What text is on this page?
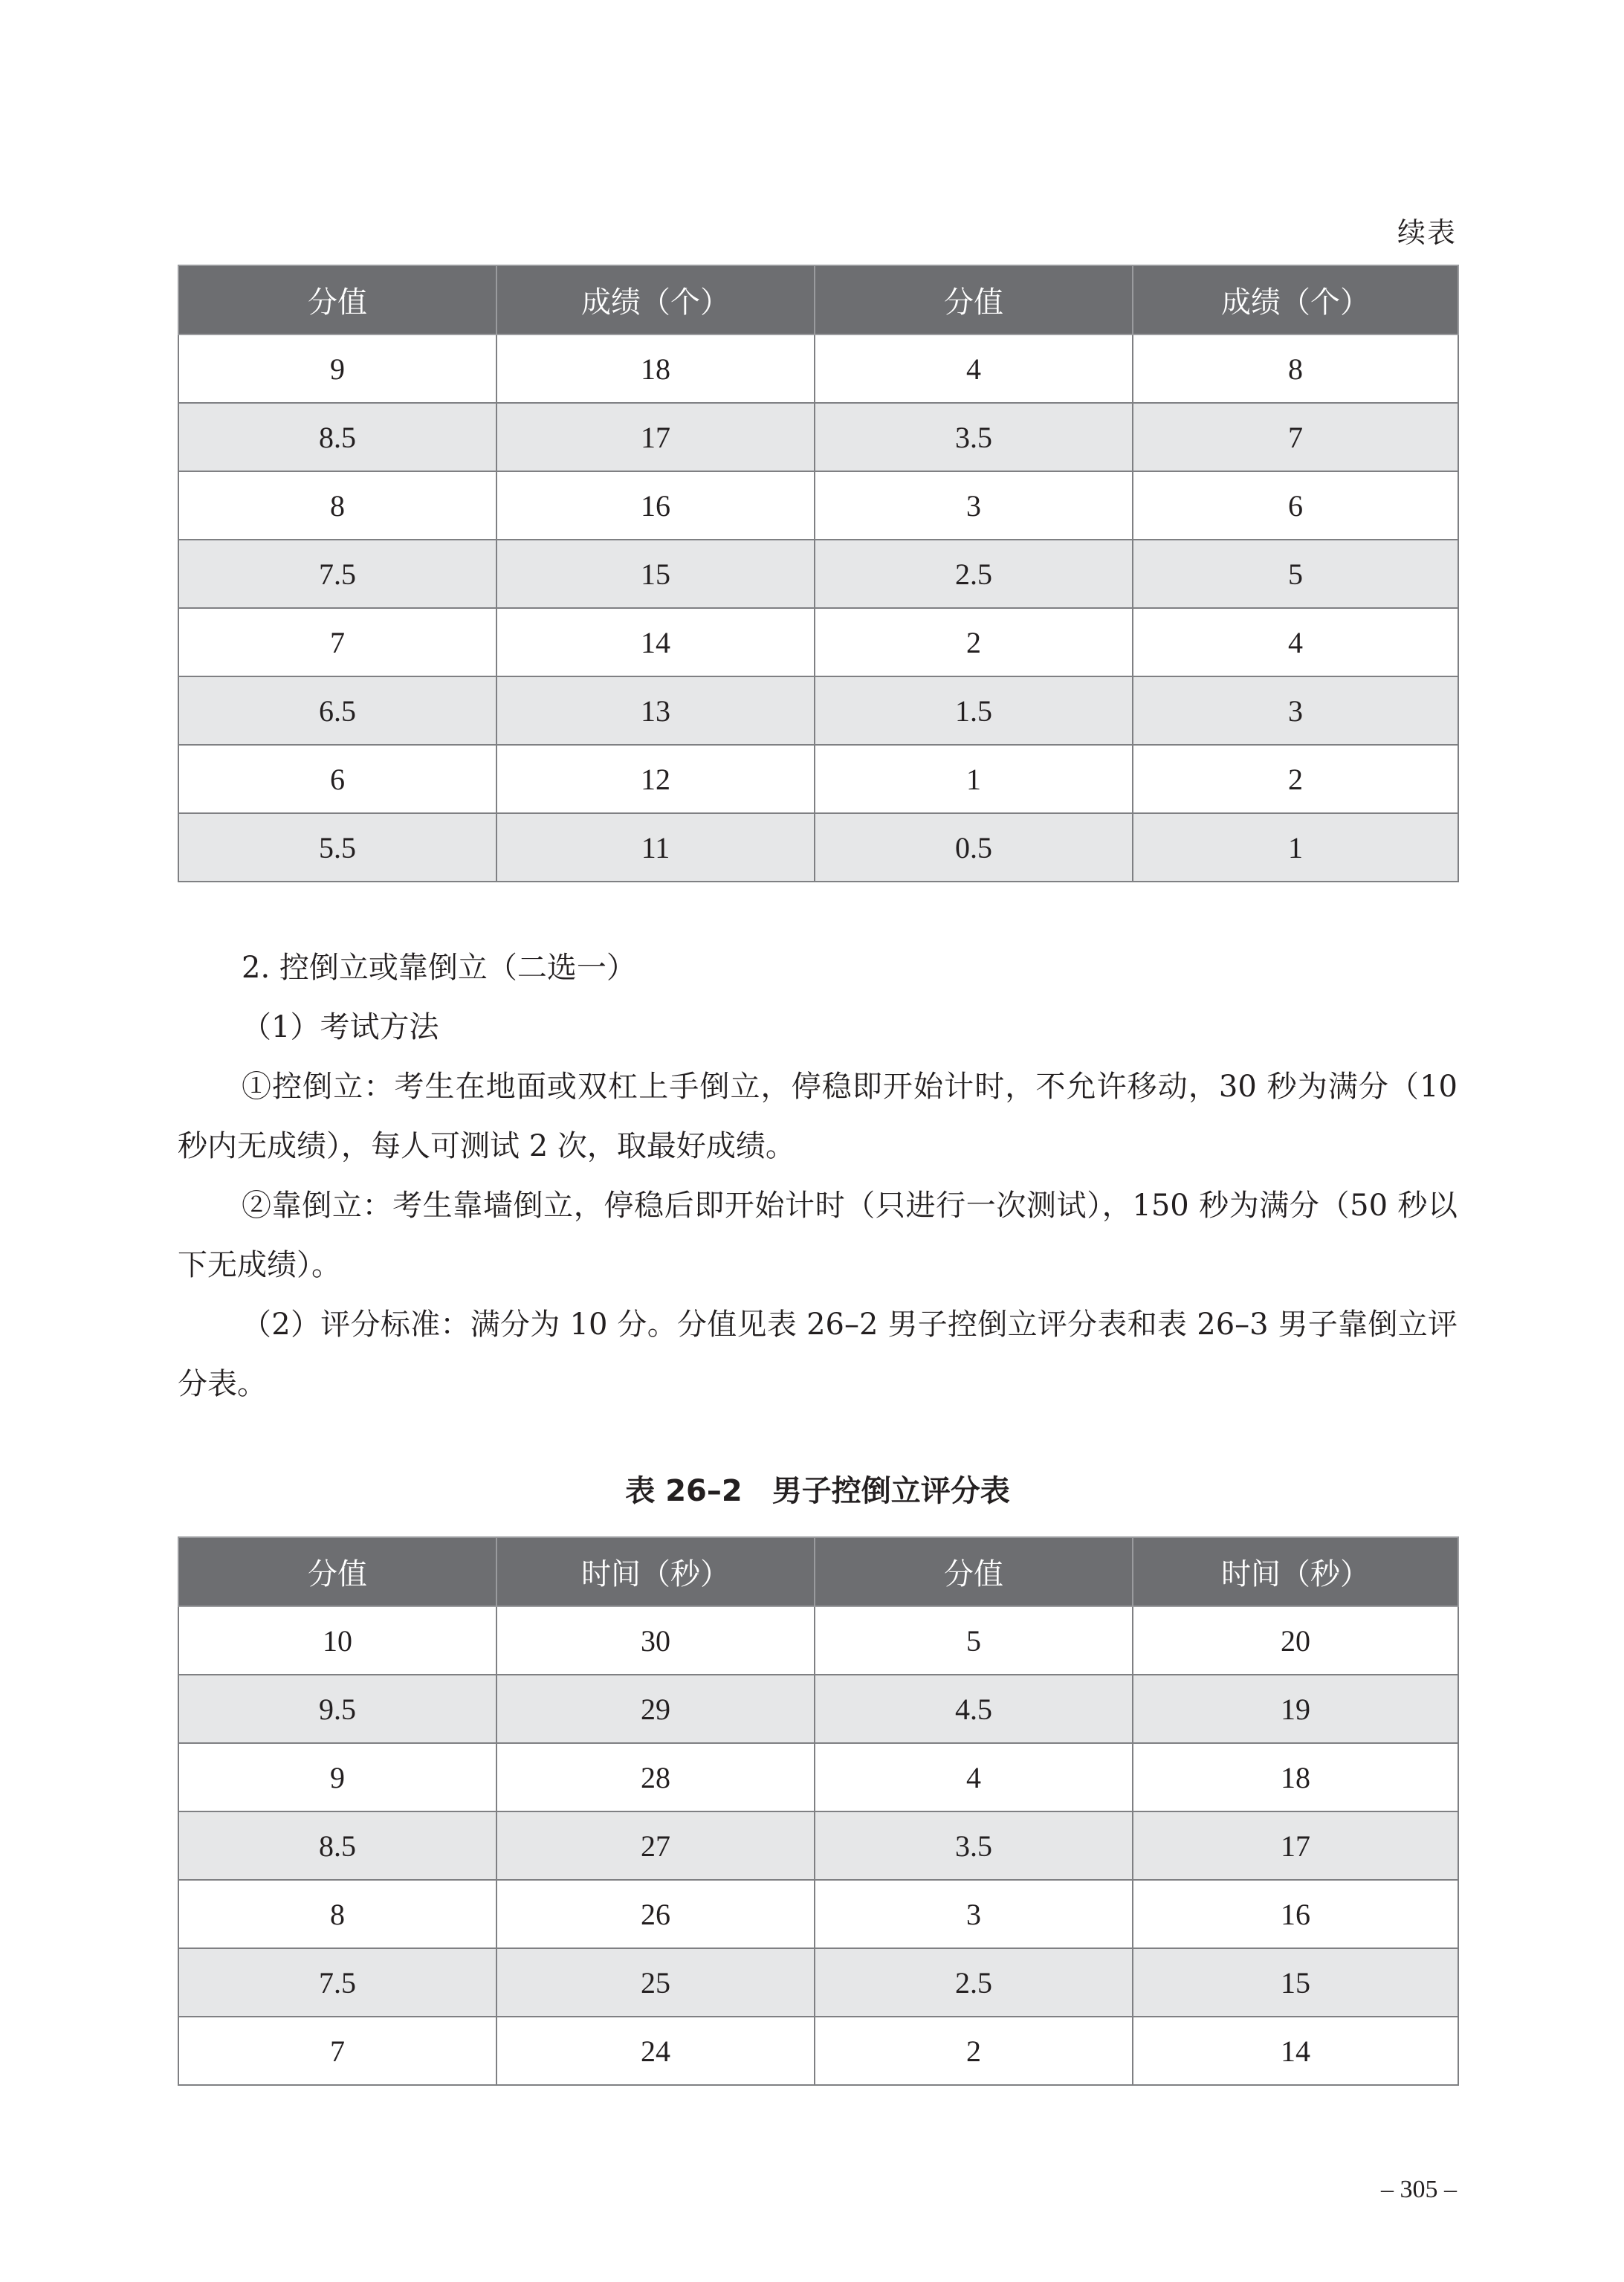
续表
分值	成绩（个）	分值	成绩（个）
9	18	4	8
8.5	17	3.5	7
8	16	3	6
7.5	15	2.5	5
7	14	2	4
6.5	13	1.5	3
6	12	1	2
5.5	11	0.5	1

2. 控倒立或靠倒立（二选一）

（1）考试方法

①控倒立：考生在地面或双杠上手倒立，停稳即开始计时，不允许移动，30 秒为满分（10 秒内无成绩），每人可测试 2 次，取最好成绩。

②靠倒立：考生靠墙倒立，停稳后即开始计时（只进行一次测试），150 秒为满分（50 秒以下无成绩）。

（2）评分标准：满分为 10 分。分值见表 26–2 男子控倒立评分表和表 26–3 男子靠倒立评分表。

表 26–2　男子控倒立评分表
分值	时间（秒）	分值	时间（秒）
10	30	5	20
9.5	29	4.5	19
9	28	4	18
8.5	27	3.5	17
8	26	3	16
7.5	25	2.5	15
7	24	2	14
– 305 –
